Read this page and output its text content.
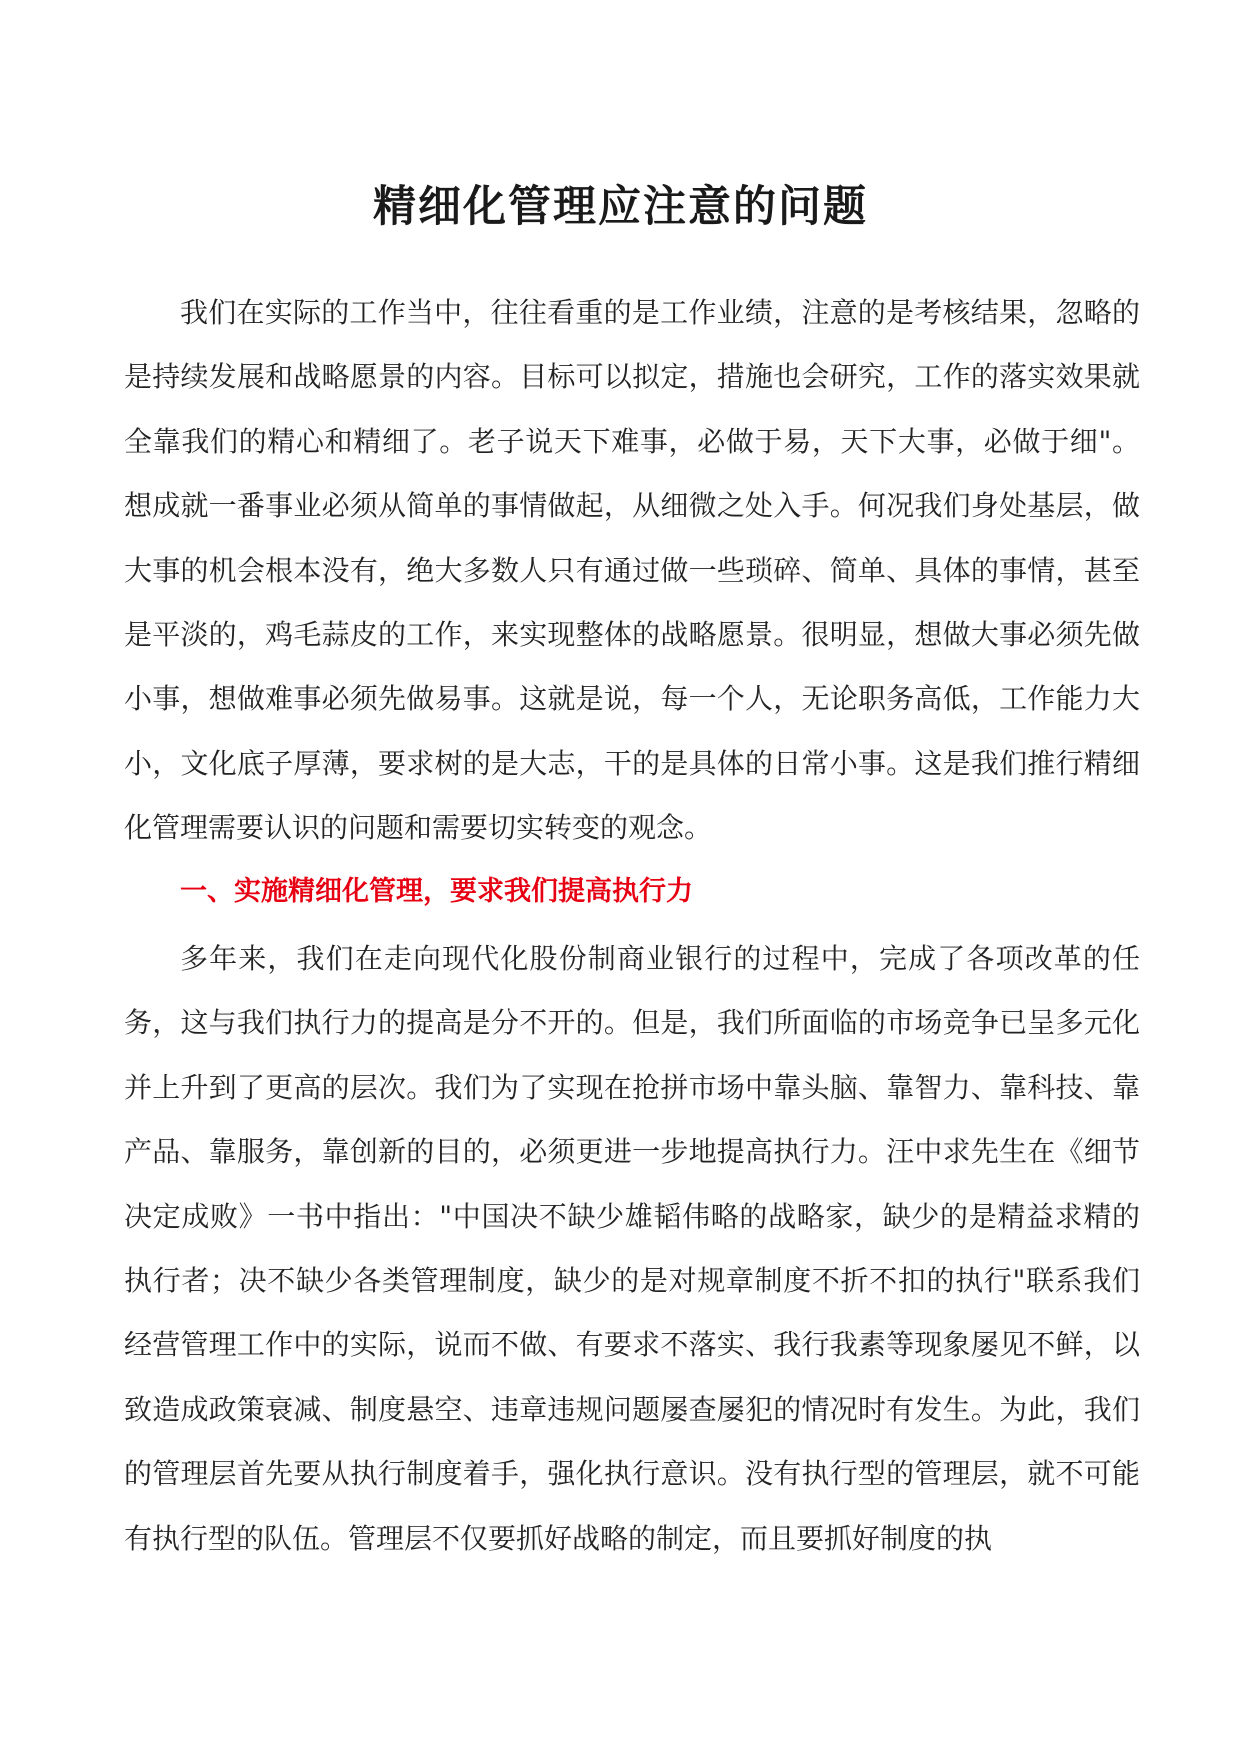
精细化管理应注意的问题

我们在实际的工作当中，往往看重的是工作业绩，注意的是考核结果，忽略的是持续发展和战略愿景的内容。目标可以拟定，措施也会研究，工作的落实效果就全靠我们的精心和精细了。老子说天下难事，必做于易，天下大事，必做于细"。想成就一番事业必须从简单的事情做起，从细微之处入手。何况我们身处基层，做大事的机会根本没有，绝大多数人只有通过做一些琐碎、简单、具体的事情，甚至是平淡的，鸡毛蒜皮的工作，来实现整体的战略愿景。很明显，想做大事必须先做小事，想做难事必须先做易事。这就是说，每一个人，无论职务高低，工作能力大小，文化底子厚薄，要求树的是大志，干的是具体的日常小事。这是我们推行精细化管理需要认识的问题和需要切实转变的观念。

一、实施精细化管理，要求我们提高执行力

多年来，我们在走向现代化股份制商业银行的过程中，完成了各项改革的任务，这与我们执行力的提高是分不开的。但是，我们所面临的市场竞争已呈多元化并上升到了更高的层次。我们为了实现在抢拼市场中靠头脑、靠智力、靠科技、靠产品、靠服务，靠创新的目的，必须更进一步地提高执行力。汪中求先生在《细节决定成败》一书中指出："中国决不缺少雄韬伟略的战略家，缺少的是精益求精的执行者；决不缺少各类管理制度，缺少的是对规章制度不折不扣的执行"联系我们经营管理工作中的实际，说而不做、有要求不落实、我行我素等现象屡见不鲜，以致造成政策衰减、制度悬空、违章违规问题屡查屡犯的情况时有发生。为此，我们的管理层首先要从执行制度着手，强化执行意识。没有执行型的管理层，就不可能有执行型的队伍。管理层不仅要抓好战略的制定，而且要抓好制度的执
